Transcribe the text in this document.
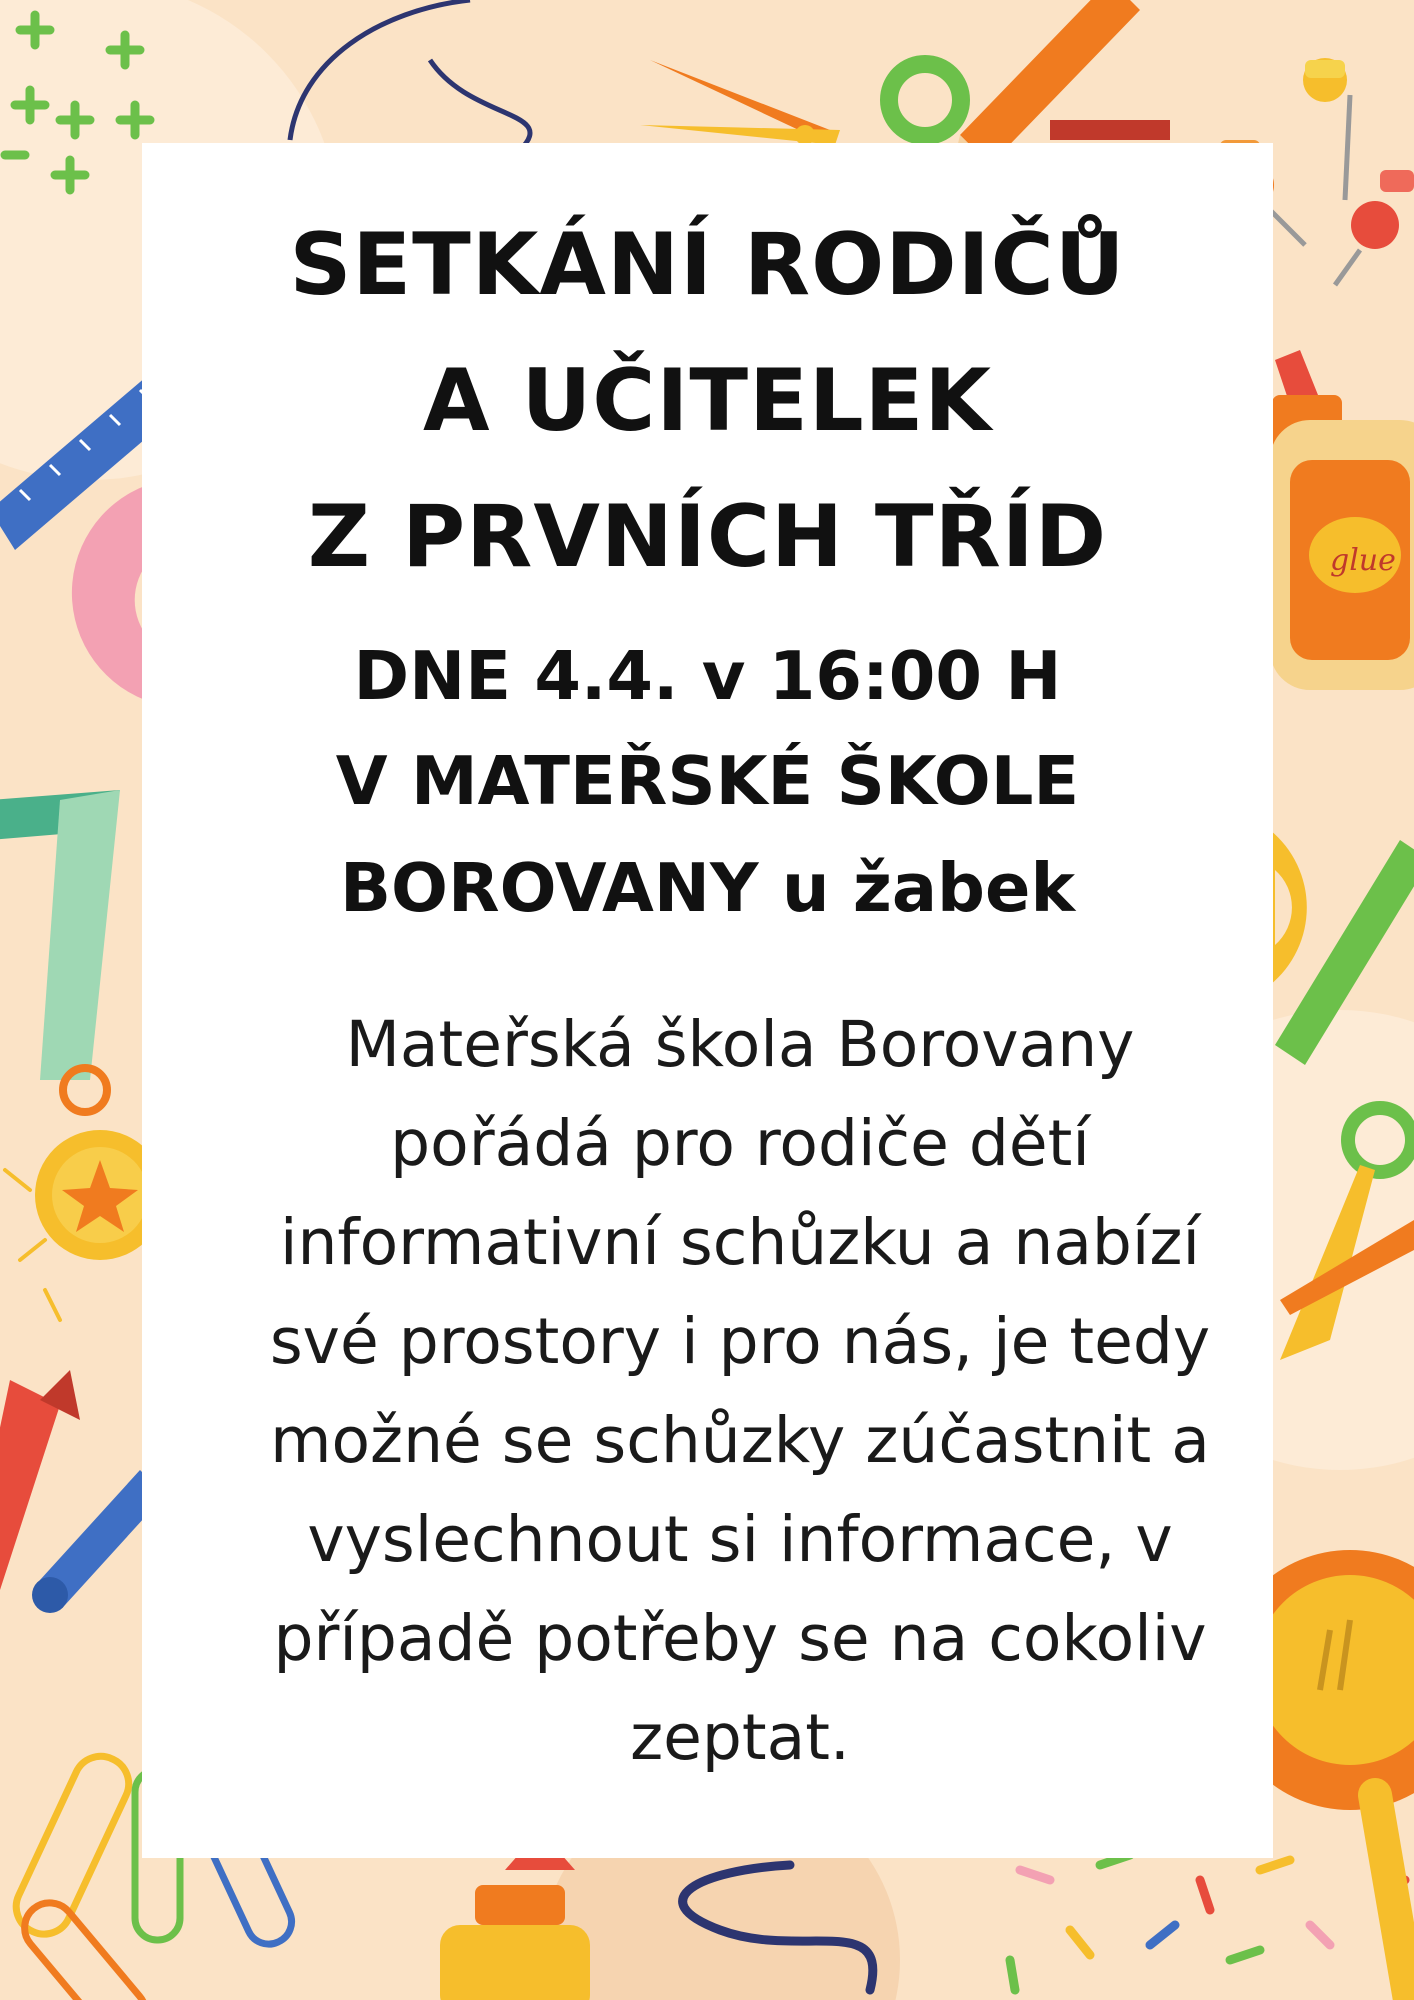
glue
SETKÁNÍ RODIČŮ
A UČITELEK
Z PRVNÍCH TŘÍD
DNE 4.4. v 16:00 H
V MATEŘSKÉ ŠKOLE
BOROVANY u žabek
Mateřská škola Borovany
pořádá pro rodiče dětí
informativní schůzku a nabízí
své prostory i pro nás, je tedy
možné se schůzky zúčastnit a
vyslechnout si informace, v
případě potřeby se na cokoliv
zeptat.
